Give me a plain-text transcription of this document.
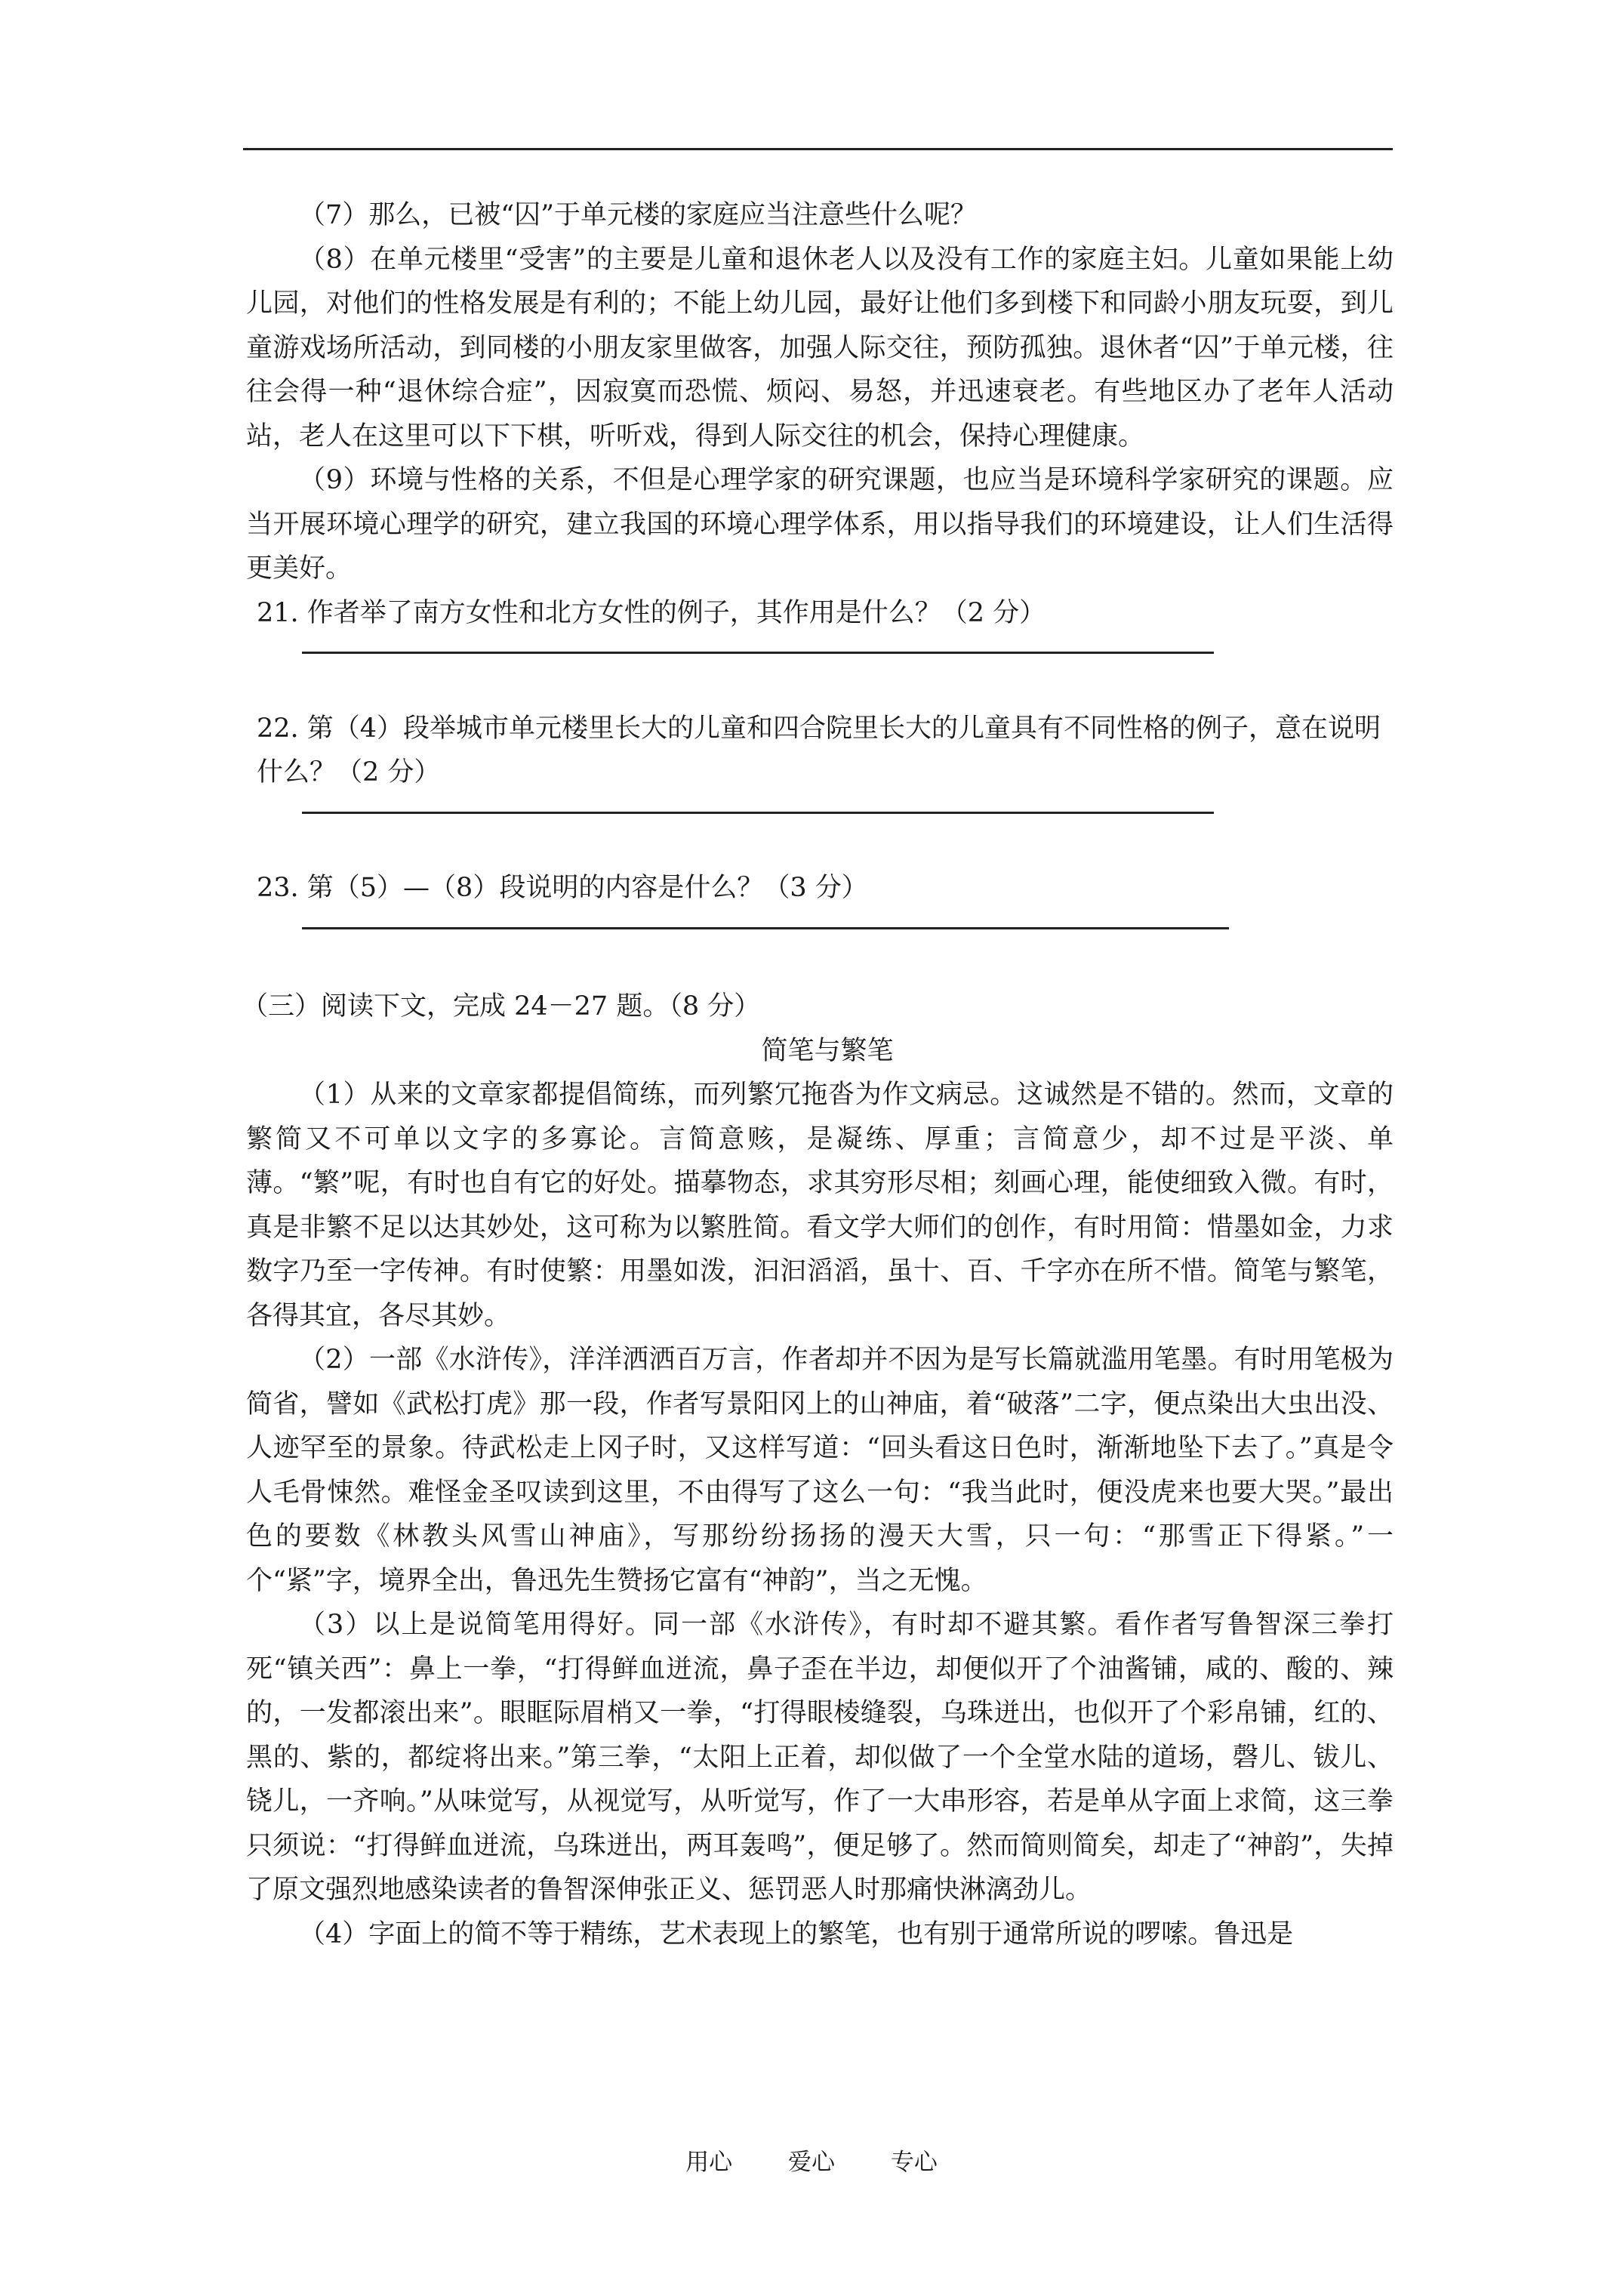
（7）那么，已被“囚”于单元楼的家庭应当注意些什么呢？

（8）在单元楼里“受害”的主要是儿童和退休老人以及没有工作的家庭主妇。儿童如果能上幼儿园，对他们的性格发展是有利的；不能上幼儿园，最好让他们多到楼下和同龄小朋友玩耍，到儿童游戏场所活动，到同楼的小朋友家里做客，加强人际交往，预防孤独。退休者“囚”于单元楼，往往会得一种“退休综合症”，因寂寞而恐慌、烦闷、易怒，并迅速衰老。有些地区办了老年人活动站，老人在这里可以下下棋，听听戏，得到人际交往的机会，保持心理健康。

（9）环境与性格的关系，不但是心理学家的研究课题，也应当是环境科学家研究的课题。应当开展环境心理学的研究，建立我国的环境心理学体系，用以指导我们的环境建设，让人们生活得更美好。

21. 作者举了南方女性和北方女性的例子，其作用是什么？（2 分）

22. 第（4）段举城市单元楼里长大的儿童和四合院里长大的儿童具有不同性格的例子，意在说明什么？（2 分）

23. 第（5）—（8）段说明的内容是什么？（3 分）

（三）阅读下文，完成 24－27 题。（8 分）

简笔与繁笔

（1）从来的文章家都提倡简练，而列繁冗拖沓为作文病忌。这诚然是不错的。然而，文章的繁简又不可单以文字的多寡论。言简意赅，是凝练、厚重；言简意少，却不过是平淡、单薄。“繁”呢，有时也自有它的好处。描摹物态，求其穷形尽相；刻画心理，能使细致入微。有时，真是非繁不足以达其妙处，这可称为以繁胜简。看文学大师们的创作，有时用简：惜墨如金，力求数字乃至一字传神。有时使繁：用墨如泼，汩汩滔滔，虽十、百、千字亦在所不惜。简笔与繁笔，各得其宜，各尽其妙。

（2）一部《水浒传》，洋洋洒洒百万言，作者却并不因为是写长篇就滥用笔墨。有时用笔极为简省，譬如《武松打虎》那一段，作者写景阳冈上的山神庙，着“破落”二字，便点染出大虫出没、人迹罕至的景象。待武松走上冈子时，又这样写道：“回头看这日色时，渐渐地坠下去了。”真是令人毛骨悚然。难怪金圣叹读到这里，不由得写了这么一句：“我当此时，便没虎来也要大哭。”最出色的要数《林教头风雪山神庙》，写那纷纷扬扬的漫天大雪，只一句：“那雪正下得紧。”一个“紧”字，境界全出，鲁迅先生赞扬它富有“神韵”，当之无愧。

（3）以上是说简笔用得好。同一部《水浒传》，有时却不避其繁。看作者写鲁智深三拳打死“镇关西”：鼻上一拳，“打得鲜血迸流，鼻子歪在半边，却便似开了个油酱铺，咸的、酸的、辣的，一发都滚出来”。眼眶际眉梢又一拳，“打得眼棱缝裂，乌珠迸出，也似开了个彩帛铺，红的、黑的、紫的，都绽将出来。”第三拳，“太阳上正着，却似做了一个全堂水陆的道场，磬儿、钹儿、铙儿，一齐响。”从味觉写，从视觉写，从听觉写，作了一大串形容，若是单从字面上求简，这三拳只须说：“打得鲜血迸流，乌珠迸出，两耳轰鸣”，便足够了。然而简则简矣，却走了“神韵”，失掉了原文强烈地感染读者的鲁智深伸张正义、惩罚恶人时那痛快淋漓劲儿。

（4）字面上的简不等于精练，艺术表现上的繁笔，也有别于通常所说的啰嗦。鲁迅是

用心 爱心 专心
